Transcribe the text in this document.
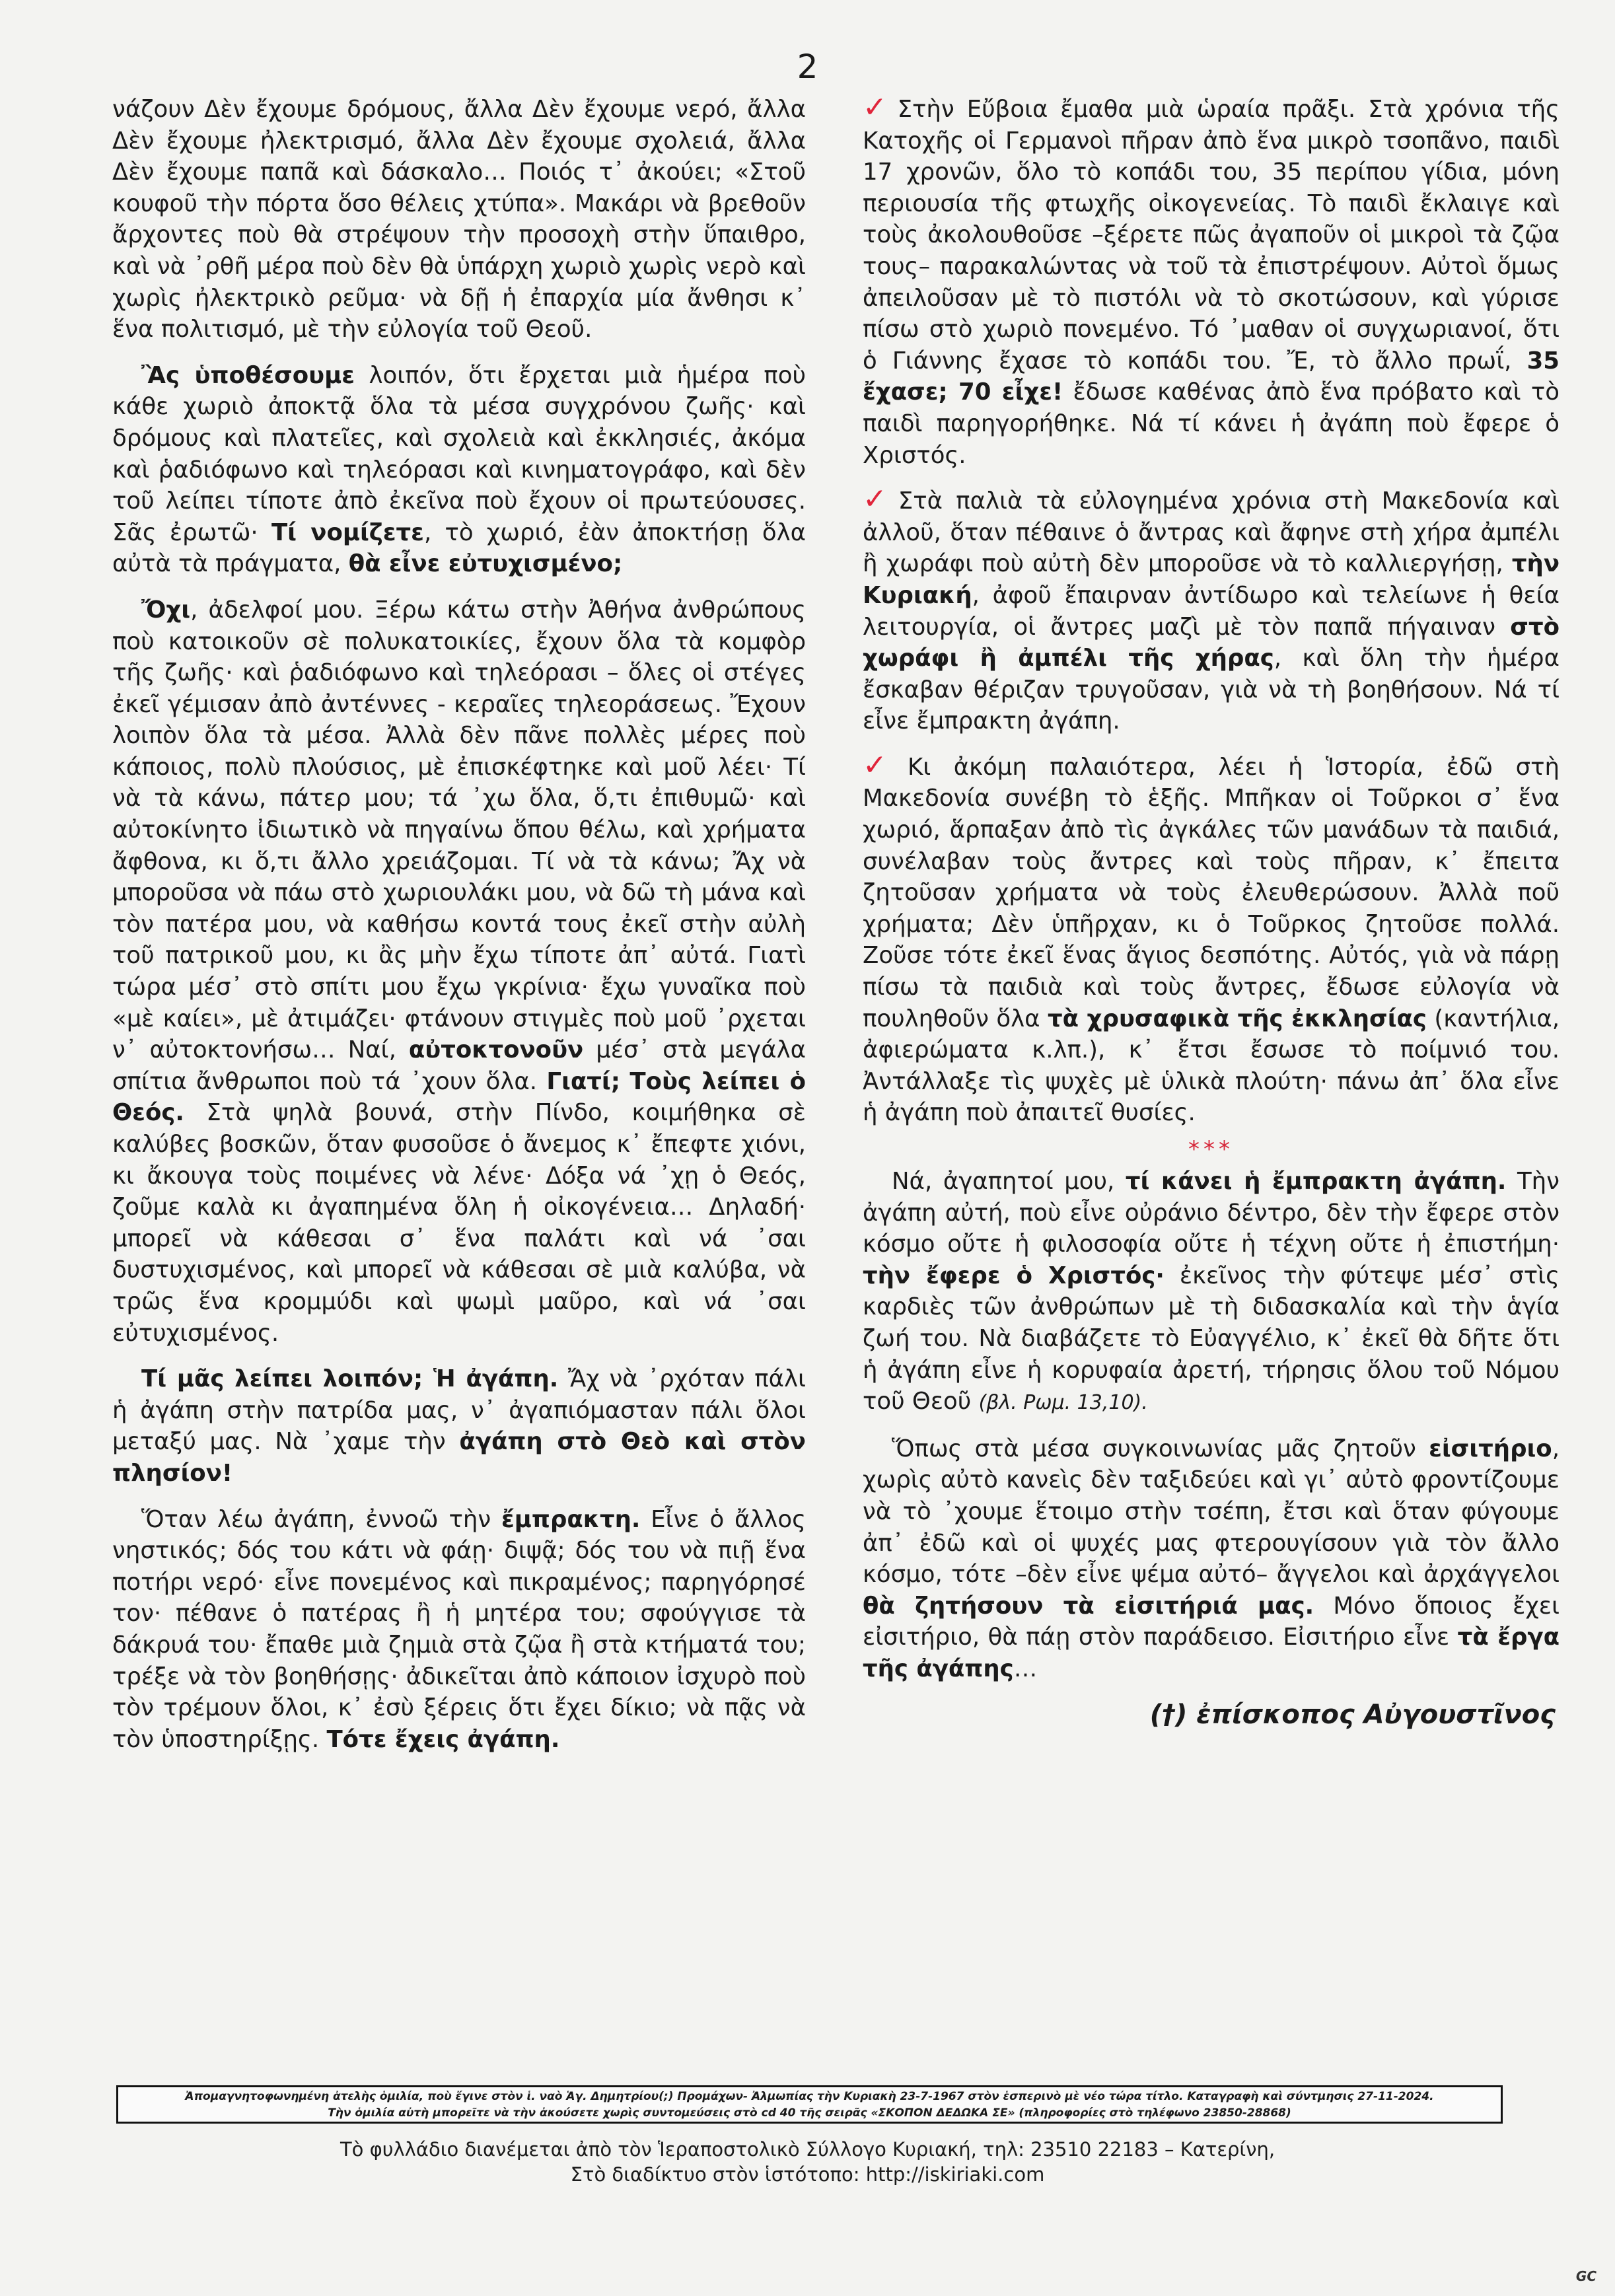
2

νάζουν Δὲν ἔχουμε δρόμους, ἄλλα Δὲν ἔχουμε νερό, ἄλλα Δὲν ἔχουμε ἠλεκτρισμό, ἄλλα Δὲν ἔχουμε σχολειά, ἄλλα Δὲν ἔχουμε παπᾶ καὶ δάσκαλο… Ποιός τ᾽ ἀκούει; «Στοῦ κουφοῦ τὴν πόρτα ὅσο θέλεις χτύπα». Μακάρι νὰ βρεθοῦν ἄρχοντες ποὺ θὰ στρέψουν τὴν προσοχὴ στὴν ὕπαιθρο, καὶ νὰ ᾽ρθῆ μέρα ποὺ δὲν θὰ ὑπάρχη χωριὸ χωρὶς νερὸ καὶ χωρὶς ἠλεκτρικὸ ρεῦμα· νὰ δῇ ἡ ἐπαρχία μία ἄνθησι κ᾽ ἕνα πολιτισμό, μὲ τὴν εὐλογία τοῦ Θεοῦ.

Ἂς ὑποθέσουμε λοιπόν, ὅτι ἔρχεται μιὰ ἡμέρα ποὺ κάθε χωριὸ ἀποκτᾷ ὅλα τὰ μέσα συγχρόνου ζωῆς· καὶ δρόμους καὶ πλατεῖες, καὶ σχολειὰ καὶ ἐκκλησιές, ἀκόμα καὶ ῥαδιόφωνο καὶ τηλεόρασι καὶ κινηματογράφο, καὶ δὲν τοῦ λείπει τίποτε ἀπὸ ἐκεῖνα ποὺ ἔχουν οἱ πρωτεύουσες. Σᾶς ἐρωτῶ· Τί νομίζετε, τὸ χωριό, ἐὰν ἀποκτήσῃ ὅλα αὐτὰ τὰ πράγματα, θὰ εἶνε εὐτυχισμένο;

Ὄχι, ἀδελφοί μου. Ξέρω κάτω στὴν Ἀθήνα ἀνθρώπους ποὺ κατοικοῦν σὲ πολυκατοικίες, ἔχουν ὅλα τὰ κομφὸρ τῆς ζωῆς· καὶ ῥαδιόφωνο καὶ τηλεόρασι – ὅλες οἱ στέγες ἐκεῖ γέμισαν ἀπὸ ἀντέννες - κεραῖες τηλεοράσεως. Ἔχουν λοιπὸν ὅλα τὰ μέσα. Ἀλλὰ δὲν πᾶνε πολλὲς μέρες ποὺ κάποιος, πολὺ πλούσιος, μὲ ἐπισκέφτηκε καὶ μοῦ λέει· Τί νὰ τὰ κάνω, πάτερ μου; τά ᾽χω ὅλα, ὅ,τι ἐπιθυμῶ· καὶ αὐτοκίνητο ἰδιωτικὸ νὰ πηγαίνω ὅπου θέλω, καὶ χρήματα ἄφθονα, κι ὅ,τι ἄλλο χρειάζομαι. Τί νὰ τὰ κάνω; Ἄχ νὰ μποροῦσα νὰ πάω στὸ χωριουλάκι μου, νὰ δῶ τὴ μάνα καὶ τὸν πατέρα μου, νὰ καθήσω κοντά τους ἐκεῖ στὴν αὐλὴ τοῦ πατρικοῦ μου, κι ἂς μὴν ἔχω τίποτε ἀπ᾽ αὐτά. Γιατὶ τώρα μέσ᾽ στὸ σπίτι μου ἔχω γκρίνια· ἔχω γυναῖκα ποὺ «μὲ καίει», μὲ ἀτιμάζει· φτάνουν στιγμὲς ποὺ μοῦ ᾽ρχεται ν᾽ αὐτοκτονήσω… Ναί, αὐτοκτονοῦν μέσ᾽ στὰ μεγάλα σπίτια ἄνθρωποι ποὺ τά ᾽χουν ὅλα. Γιατί; Τοὺς λείπει ὁ Θεός. Στὰ ψηλὰ βουνά, στὴν Πίνδο, κοιμήθηκα σὲ καλύβες βοσκῶν, ὅταν φυσοῦσε ὁ ἄνεμος κ᾽ ἔπεφτε χιόνι, κι ἄκουγα τοὺς ποιμένες νὰ λένε· Δόξα νά ᾽χῃ ὁ Θεός, ζοῦμε καλὰ κι ἀγαπημένα ὅλη ἡ οἰκογένεια… Δηλαδή· μπορεῖ νὰ κάθεσαι σ᾽ ἕνα παλάτι καὶ νά ᾽σαι δυστυχισμένος, καὶ μπορεῖ νὰ κάθεσαι σὲ μιὰ καλύβα, νὰ τρῶς ἕνα κρομμύδι καὶ ψωμὶ μαῦρο, καὶ νά ᾽σαι εὐτυχισμένος.

Τί μᾶς λείπει λοιπόν; Ἡ ἀγάπη. Ἄχ νὰ ᾽ρχόταν πάλι ἡ ἀγάπη στὴν πατρίδα μας, ν᾽ ἀγαπιόμασταν πάλι ὅλοι μεταξύ μας. Νὰ ᾽χαμε τὴν ἀγάπη στὸ Θεὸ καὶ στὸν πλησίον!

Ὅταν λέω ἀγάπη, ἐννοῶ τὴν ἔμπρακτη. Εἶνε ὁ ἄλλος νηστικός; δός του κάτι νὰ φάῃ· διψᾷ; δός του νὰ πιῇ ἕνα ποτήρι νερό· εἶνε πονεμένος καὶ πικραμένος; παρηγόρησέ τον· πέθανε ὁ πατέρας ἢ ἡ μητέρα του; σφούγγισε τὰ δάκρυά του· ἔπαθε μιὰ ζημιὰ στὰ ζῷα ἢ στὰ κτήματά του; τρέξε νὰ τὸν βοηθήσῃς· ἀδικεῖται ἀπὸ κάποιον ἰσχυρὸ ποὺ τὸν τρέμουν ὅλοι, κ᾽ ἐσὺ ξέρεις ὅτι ἔχει δίκιο; νὰ πᾷς νὰ τὸν ὑποστηρίξῃς. Τότε ἔχεις ἀγάπη.

✓ Στὴν Εὔβοια ἔμαθα μιὰ ὡραία πρᾶξι. Στὰ χρόνια τῆς Κατοχῆς οἱ Γερμανοὶ πῆραν ἀπὸ ἕνα μικρὸ τσοπᾶνο, παιδὶ 17 χρονῶν, ὅλο τὸ κοπάδι του, 35 περίπου γίδια, μόνη περιουσία τῆς φτωχῆς οἰκογενείας. Τὸ παιδὶ ἔκλαιγε καὶ τοὺς ἀκολουθοῦσε –ξέρετε πῶς ἀγαποῦν οἱ μικροὶ τὰ ζῷα τους– παρακαλώντας νὰ τοῦ τὰ ἐπιστρέψουν. Αὐτοὶ ὅμως ἀπειλοῦσαν μὲ τὸ πιστόλι νὰ τὸ σκοτώσουν, καὶ γύρισε πίσω στὸ χωριὸ πονεμένο. Τό ᾽μαθαν οἱ συγχωριανοί, ὅτι ὁ Γιάννης ἔχασε τὸ κοπάδι του. Ἔ, τὸ ἄλλο πρωΐ, 35 ἔχασε; 70 εἶχε! ἔδωσε καθένας ἀπὸ ἕνα πρόβατο καὶ τὸ παιδὶ παρηγορήθηκε. Νά τί κάνει ἡ ἀγάπη ποὺ ἔφερε ὁ Χριστός.

✓ Στὰ παλιὰ τὰ εὐλογημένα χρόνια στὴ Μακεδονία καὶ ἀλλοῦ, ὅταν πέθαινε ὁ ἄντρας καὶ ἄφηνε στὴ χήρα ἀμπέλι ἢ χωράφι ποὺ αὐτὴ δὲν μποροῦσε νὰ τὸ καλλιεργήσῃ, τὴν Κυριακή, ἀφοῦ ἔπαιρναν ἀντίδωρο καὶ τελείωνε ἡ θεία λειτουργία, οἱ ἄντρες μαζὶ μὲ τὸν παπᾶ πήγαιναν στὸ χωράφι ἢ ἀμπέλι τῆς χήρας, καὶ ὅλη τὴν ἡμέρα ἔσκαβαν θέριζαν τρυγοῦσαν, γιὰ νὰ τὴ βοηθήσουν. Νά τί εἶνε ἔμπρακτη ἀγάπη.

✓ Κι ἀκόμη παλαιότερα, λέει ἡ Ἱστορία, ἐδῶ στὴ Μακεδονία συνέβη τὸ ἑξῆς. Μπῆκαν οἱ Τοῦρκοι σ᾽ ἕνα χωριό, ἅρπαξαν ἀπὸ τὶς ἀγκάλες τῶν μανάδων τὰ παιδιά, συνέλαβαν τοὺς ἄντρες καὶ τοὺς πῆραν, κ᾽ ἔπειτα ζητοῦσαν χρήματα νὰ τοὺς ἐλευθερώσουν. Ἀλλὰ ποῦ χρήματα; Δὲν ὑπῆρχαν, κι ὁ Τοῦρκος ζητοῦσε πολλά. Ζοῦσε τότε ἐκεῖ ἕνας ἅγιος δεσπότης. Αὐτός, γιὰ νὰ πάρῃ πίσω τὰ παιδιὰ καὶ τοὺς ἄντρες, ἔδωσε εὐλογία νὰ πουληθοῦν ὅλα τὰ χρυσαφικὰ τῆς ἐκκλησίας (καντήλια, ἀφιερώματα κ.λπ.), κ᾽ ἔτσι ἔσωσε τὸ ποίμνιό του. Ἀντάλλαξε τὶς ψυχὲς μὲ ὑλικὰ πλούτη· πάνω ἀπ᾽ ὅλα εἶνε ἡ ἀγάπη ποὺ ἀπαιτεῖ θυσίες.

***

Νά, ἀγαπητοί μου, τί κάνει ἡ ἔμπρακτη ἀγάπη. Τὴν ἀγάπη αὐτή, ποὺ εἶνε οὐράνιο δέντρο, δὲν τὴν ἔφερε στὸν κόσμο οὔτε ἡ φιλοσοφία οὔτε ἡ τέχνη οὔτε ἡ ἐπιστήμη· τὴν ἔφερε ὁ Χριστός· ἐκεῖνος τὴν φύτεψε μέσ᾽ στὶς καρδιὲς τῶν ἀνθρώπων μὲ τὴ διδασκαλία καὶ τὴν ἁγία ζωή του. Νὰ διαβάζετε τὸ Εὐαγγέλιο, κ᾽ ἐκεῖ θὰ δῆτε ὅτι ἡ ἀγάπη εἶνε ἡ κορυφαία ἀρετή, τήρησις ὅλου τοῦ Νόμου τοῦ Θεοῦ (βλ. Ρωμ. 13,10).

Ὅπως στὰ μέσα συγκοινωνίας μᾶς ζητοῦν εἰσιτήριο, χωρὶς αὐτὸ κανεὶς δὲν ταξιδεύει καὶ γι᾽ αὐτὸ φροντίζουμε νὰ τὸ ᾽χουμε ἕτοιμο στὴν τσέπη, ἔτσι καὶ ὅταν φύγουμε ἀπ᾽ ἐδῶ καὶ οἱ ψυχές μας φτερουγίσουν γιὰ τὸν ἄλλο κόσμο, τότε –δὲν εἶνε ψέμα αὐτό– ἄγγελοι καὶ ἀρχάγγελοι θὰ ζητήσουν τὰ εἰσιτήριά μας. Μόνο ὅποιος ἔχει εἰσιτήριο, θὰ πάῃ στὸν παράδεισο. Εἰσιτήριο εἶνε τὰ ἔργα τῆς ἀγάπης…

(†) ἐπίσκοπος Αὐγουστῖνος
Ἀπομαγνητοφωνημένη ἀτελὴς ὁμιλία, ποὺ ἔγινε στὸν ἱ. ναὸ Ἁγ. Δημητρίου(;) Προμάχων- Ἀλμωπίας τὴν Κυριακὴ 23-7-1967 στὸν ἑσπερινὸ μὲ νέο τώρα τίτλο. Καταγραφὴ καὶ σύντμησις 27-11-2024.
Τὴν ὁμιλία αὐτὴ μπορεῖτε νὰ τὴν ἀκούσετε χωρὶς συντομεύσεις στὸ cd 40 τῆς σειρᾶς «ΣΚΟΠΟΝ ΔΕΔΩΚΑ ΣΕ» (πληροφορίες στὸ τηλέφωνο 23850-28868)
Τὸ φυλλάδιο διανέμεται ἀπὸ τὸν Ἱεραποστολικὸ Σύλλογο Κυριακή, τηλ: 23510 22183 – Κατερίνη,
Στὸ διαδίκτυο στὸν ἱστότοπο: http://iskiriaki.com
GC
